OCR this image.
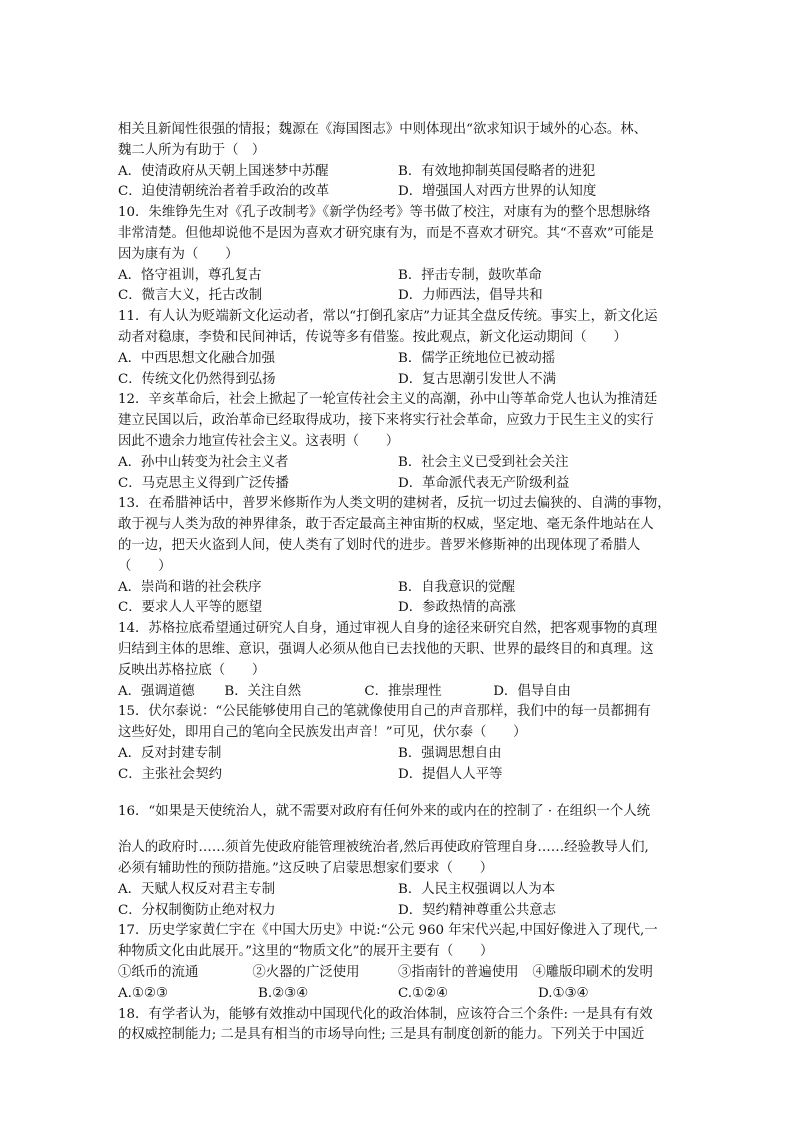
相关且新闻性很强的情报；魏源在《海国图志》中则体现出“欲求知识于域外的心态。林、
魏二人所为有助于（　）
A．使清政府从天朝上国迷梦中苏醒	B．有效地抑制英国侵略者的进犯
C．迫使清朝统治者着手政治的改革	D．增强国人对西方世界的认知度
10．朱维铮先生对《孔子改制考》《新学伪经考》等书做了校注，对康有为的整个思想脉络
非常清楚。但他却说他不是因为喜欢才研究康有为，而是不喜欢才研究。其“不喜欢”可能是
因为康有为（　　）
A．恪守祖训，尊孔复古	B．抨击专制，鼓吹革命
C．微言大义，托古改制	D．力师西法，倡导共和
11．有人认为贬端新文化运动者，常以“打倒孔家店”力证其全盘反传统。事实上，新文化运
动者对稳康，李贽和民间神话，传说等多有借鉴。按此观点，新文化运动期间（　　）
A．中西思想文化融合加强	B．儒学正统地位已被动摇
C．传统文化仍然得到弘扬	D．复古思潮引发世人不满
12．辛亥革命后，社会上掀起了一轮宣传社会主义的高潮，孙中山等革命党人也认为推清廷
建立民国以后，政治革命已经取得成功，接下来将实行社会革命，应致力于民生主义的实行
因此不遗余力地宣传社会主义。这表明（　　）
A．孙中山转变为社会主义者	B．社会主义已受到社会关注
C．马克思主义得到广泛传播	D．革命派代表无产阶级利益
13．在希腊神话中，普罗米修斯作为人类文明的建树者，反抗一切过去偏狭的、自满的事物，
敢于视与人类为敌的神界律条，敢于否定最高主神宙斯的权威，坚定地、毫无条件地站在人
的一边，把天火盗到人间，使人类有了划时代的进步。普罗米修斯神的出现体现了希腊人
（　　）
A．崇尚和谐的社会秩序	B．自我意识的觉醒
C．要求人人平等的愿望	D．参政热情的高涨
14．苏格拉底希望通过研究人自身，通过审视人自身的途径来研究自然，把客观事物的真理
归结到主体的思维、意识，强调人必须从他自已去找他的天职、世界的最终目的和真理。这
反映出苏格拉底（　　）
A．强调道德	B．关注自然	C．推崇理性	D．倡导自由
15．伏尔泰说：“公民能够使用自己的笔就像使用自己的声音那样，我们中的每一员都拥有
这些好处，即用自己的笔向全民族发出声音！”可见，伏尔泰（　　）
A．反对封建专制	B．强调思想自由
C．主张社会契约	D．提倡人人平等
16．“如果是天使统治人，就不需要对政府有任何外来的或内在的控制了 · 在组织一个人统
治人的政府时……须首先使政府能管理被统治者,然后再使政府管理自身……经验教导人们,
必须有辅助性的预防措施。”这反映了启蒙思想家们要求（　　）
A．天赋人权反对君主专制	B．人民主权强调以人为本
C．分权制衡防止绝对权力	D．契约精神尊重公共意志
17．历史学家黄仁宇在《中国大历史》中说:“公元 960 年宋代兴起,中国好像进入了现代,一
种物质文化由此展开。”这里的“物质文化”的展开主要有（　　）
①纸币的流通	②火器的广泛使用	③指南针的普遍使用	④雕版印刷术的发明
A.①②③	B.②③④	C.①②④	D.①③④
18．有学者认为，能够有效推动中国现代化的政治体制，应该符合三个条件: 一是具有有效
的权威控制能力; 二是具有相当的市场导向性; 三是具有制度创新的能力。下列关于中国近
